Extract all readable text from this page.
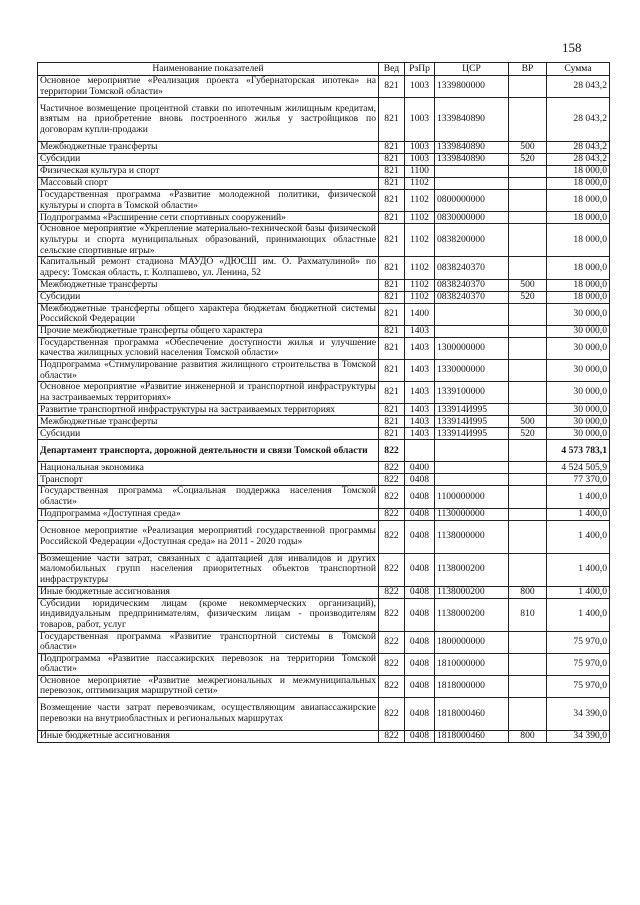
158
Наименование показателей	Вед	РзПр	ЦСР	ВР	Сумма
Основное мероприятие «Реализация проекта «Губернаторская ипотека» на территории Томской области»	821	1003	1339800000		28 043,2
Частичное возмещение процентной ставки по ипотечным жилищным кредитам, взятым на приобретение вновь построенного жилья у застройщиков по договорам купли-продажи	821	1003	1339840890		28 043,2
Межбюджетные трансферты	821	1003	1339840890	500	28 043,2
Субсидии	821	1003	1339840890	520	28 043,2
Физическая культура и спорт	821	1100			18 000,0
Массовый спорт	821	1102			18 000,0
Государственная программа «Развитие молодежной политики, физической культуры и спорта в Томской области»	821	1102	0800000000		18 000,0
Подпрограмма «Расширение сети спортивных сооружений»	821	1102	0830000000		18 000,0
Основное мероприятие «Укрепление материально-технической базы физической культуры и спорта муниципальных образований, принимающих областные сельские спортивные игры»	821	1102	0838200000		18 000,0
Капитальный ремонт стадиона МАУДО «ДЮСШ им. О. Рахматулиной» по адресу: Томская область, г. Колпашево, ул. Ленина, 52	821	1102	0838240370		18 000,0
Межбюджетные трансферты	821	1102	0838240370	500	18 000,0
Субсидии	821	1102	0838240370	520	18 000,0
Межбюджетные трансферты общего характера бюджетам бюджетной системы Российской Федерации	821	1400			30 000,0
Прочие межбюджетные трансферты общего характера	821	1403			30 000,0
Государственная программа «Обеспечение доступности жилья и улучшение качества жилищных условий населения Томской области»	821	1403	1300000000		30 000,0
Подпрограмма «Стимулирование развития жилищного строительства в Томской области»	821	1403	1330000000		30 000,0
Основное мероприятие «Развитие инженерной и транспортной инфраструктуры на застраиваемых территориях»	821	1403	1339100000		30 000,0
Развитие транспортной инфраструктуры на застраиваемых территориях	821	1403	133914И995		30 000,0
Межбюджетные трансферты	821	1403	133914И995	500	30 000,0
Субсидии	821	1403	133914И995	520	30 000,0
Департамент транспорта, дорожной деятельности и связи Томской области	822				4 573 783,1
Национальная экономика	822	0400			4 524 505,9
Транспорт	822	0408			77 370,0
Государственная программа «Социальная поддержка населения Томской области»	822	0408	1100000000		1 400,0
Подпрограмма «Доступная среда»	822	0408	1130000000		1 400,0
Основное мероприятие «Реализация мероприятий государственной программы Российской Федерации «Доступная среда» на 2011 - 2020 годы»	822	0408	1138000000		1 400,0
Возмещение части затрат, связанных с адаптацией для инвалидов и других маломобильных групп населения приоритетных объектов транспортной инфраструктуры	822	0408	1138000200		1 400,0
Иные бюджетные ассигнования	822	0408	1138000200	800	1 400,0
Субсидии юридическим лицам (кроме некоммерческих организаций), индивидуальным предпринимателям, физическим лицам - производителям товаров, работ, услуг	822	0408	1138000200	810	1 400,0
Государственная программа «Развитие транспортной системы в Томской области»	822	0408	1800000000		75 970,0
Подпрограмма «Развитие пассажирских перевозок на территории Томской области»	822	0408	1810000000		75 970,0
Основное мероприятие «Развитие межрегиональных и межмуниципальных перевозок, оптимизация маршрутной сети»	822	0408	1818000000		75 970,0
Возмещение части затрат перевозчикам, осуществляющим авиапассажирские перевозки на внутриобластных и региональных маршрутах	822	0408	1818000460		34 390,0
Иные бюджетные ассигнования	822	0408	1818000460	800	34 390,0
